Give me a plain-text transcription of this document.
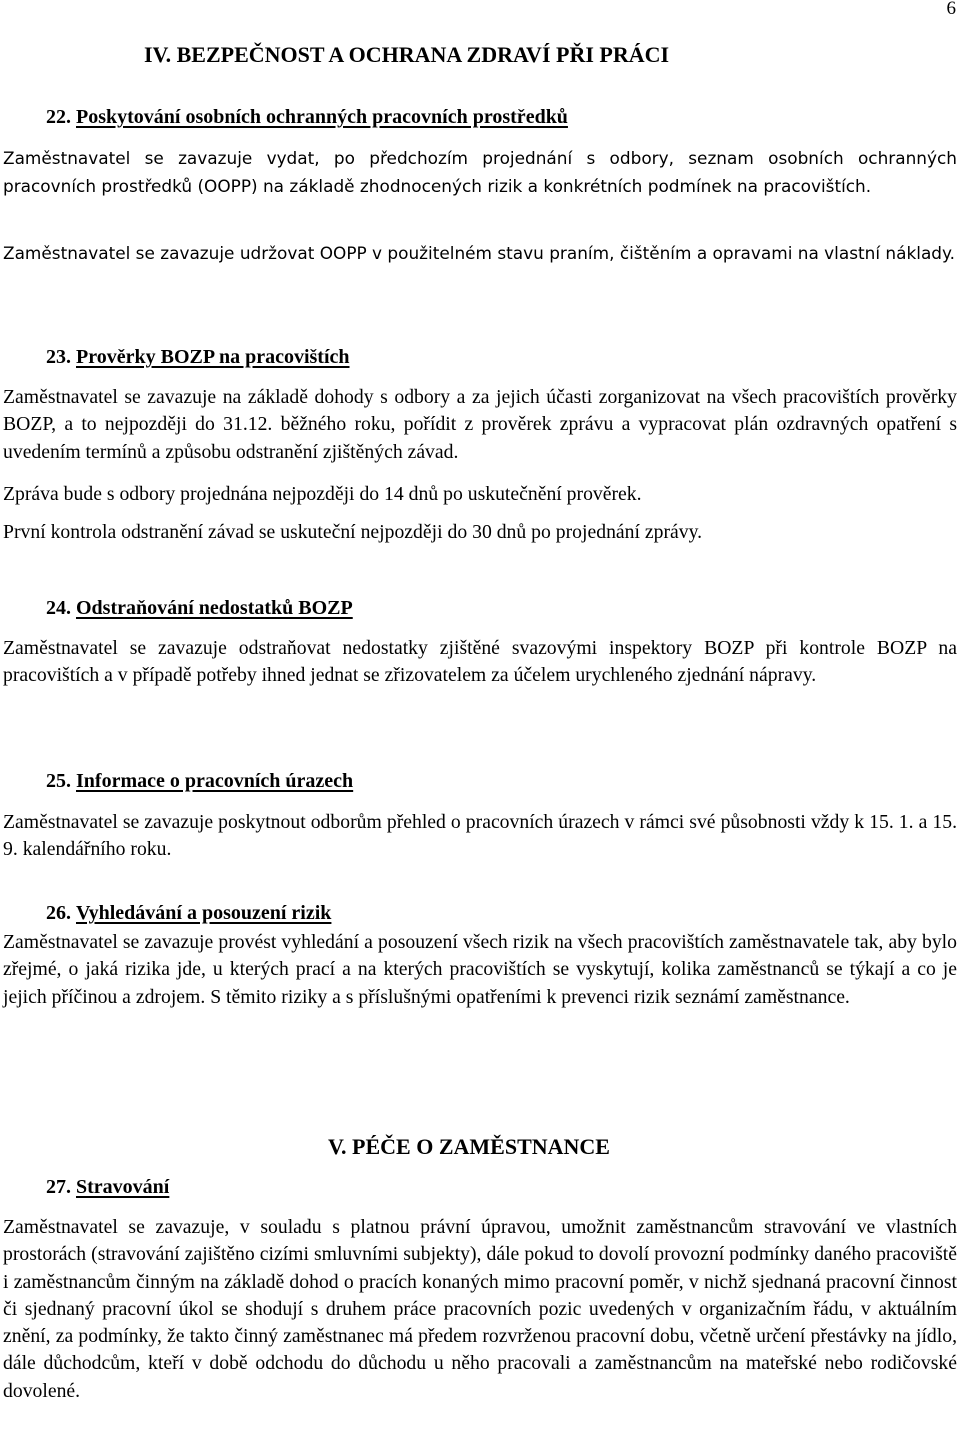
6
IV. BEZPEČNOST A OCHRANA ZDRAVÍ PŘI PRÁCI
22. Poskytování osobních ochranných pracovních prostředků

Zaměstnavatel se zavazuje vydat, po předchozím projednání s odbory, seznam osobních ochranných pracovních prostředků (OOPP) na základě zhodnocených rizik a konkrétních podmínek na pracovištích.

Zaměstnavatel se zavazuje udržovat OOPP v použitelném stavu praním, čištěním a opravami na vlastní náklady.

23. Prověrky BOZP na pracovištích

Zaměstnavatel se zavazuje na základě dohody s odbory a za jejich účasti zorganizovat na všech pracovištích prověrky BOZP, a to nejpozději do 31.12. běžného roku, pořídit z prověrek zprávu a vypracovat plán ozdravných opatření s uvedením termínů a způsobu odstranění zjištěných závad.

Zpráva bude s odbory projednána nejpozději do 14 dnů po uskutečnění prověrek.

První kontrola odstranění závad se uskuteční nejpozději do 30 dnů po projednání zprávy.

24. Odstraňování nedostatků BOZP

Zaměstnavatel se zavazuje odstraňovat nedostatky zjištěné svazovými inspektory BOZP při kontrole BOZP na pracovištích a v případě potřeby ihned jednat se zřizovatelem za účelem urychleného zjednání nápravy.

25. Informace o pracovních úrazech

Zaměstnavatel se zavazuje poskytnout odborům přehled o pracovních úrazech v rámci své působnosti vždy k 15. 1. a 15. 9. kalendářního roku.

26. Vyhledávání a posouzení rizik

Zaměstnavatel se zavazuje provést vyhledání a posouzení všech rizik na všech pracovištích zaměstnavatele tak, aby bylo zřejmé, o jaká rizika jde, u kterých prací a na kterých pracovištích se vyskytují, kolika zaměstnanců se týkají a co je jejich příčinou a zdrojem. S těmito riziky a s příslušnými opatřeními k prevenci rizik seznámí zaměstnance.

V. PÉČE O ZAMĚSTNANCE
27. Stravování

Zaměstnavatel se zavazuje, v souladu s platnou právní úpravou, umožnit zaměstnancům stravování ve vlastních prostorách (stravování zajištěno cizími smluvními subjekty), dále pokud to dovolí provozní podmínky daného pracoviště i zaměstnancům činným na základě dohod o pracích konaných mimo pracovní poměr, v nichž sjednaná pracovní činnost či sjednaný pracovní úkol se shodují s druhem práce pracovních pozic uvedených v organizačním řádu, v aktuálním znění, za podmínky, že takto činný zaměstnanec má předem rozvrženou pracovní dobu, včetně určení přestávky na jídlo, dále důchodcům, kteří v době odchodu do důchodu u něho pracovali a zaměstnancům na mateřské nebo rodičovské dovolené.
